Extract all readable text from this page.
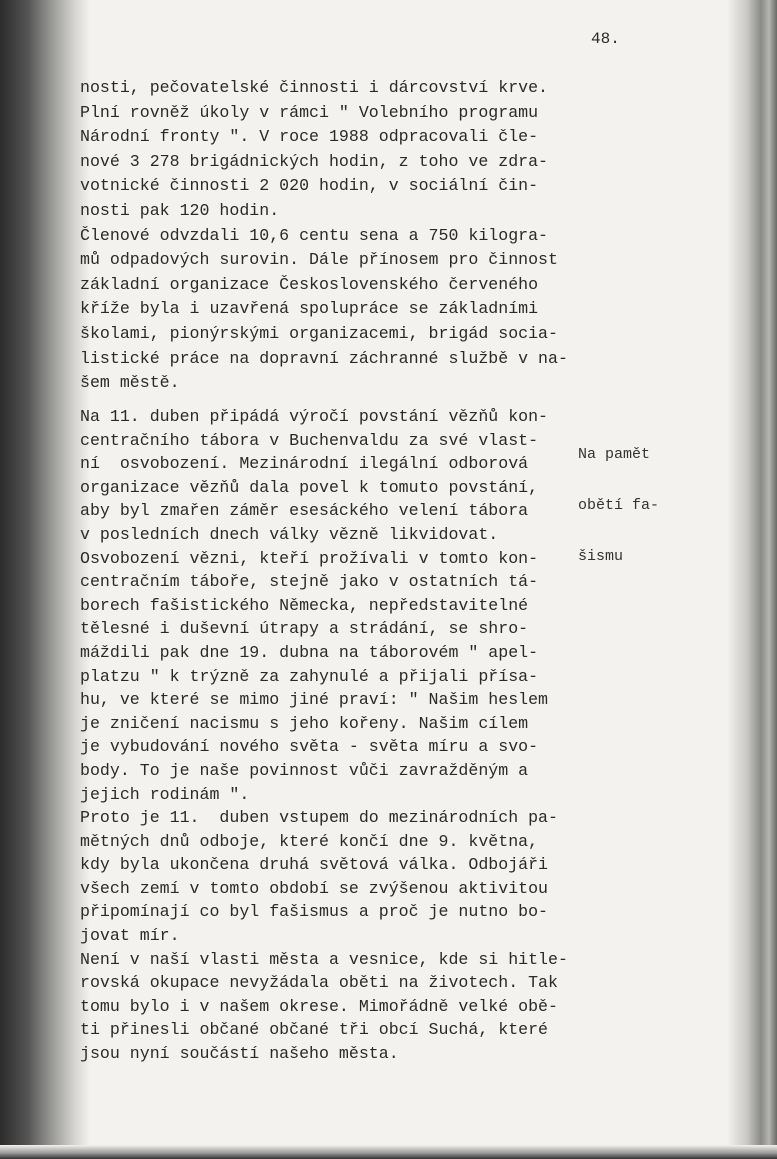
48.
nosti, pečovatelské činnosti i dárcovství krve.
Plní rovněž úkoly v rámci " Volebního programu
Národní fronty ". V roce 1988 odpracovali čle-
nové 3 278 brigádnických hodin, z toho ve zdra-
votnické činnosti 2 020 hodin, v sociální čin-
nosti pak 120 hodin.
Členové odvzdali 10,6 centu sena a 750 kilogra-
mů odpadových surovin. Dále přínosem pro činnost
základní organizace Československého červeného
kříže byla i uzavřená spolupráce se základními
školami, pionýrskými organizacemi, brigád socia-
listické práce na dopravní záchranné službě v na-
šem městě.
Na 11. duben připádá výročí povstání vězňů kon-
centračního tábora v Buchenvaldu za své vlast-
ní  osvobození. Mezinárodní ilegální odborová
organizace vězňů dala povel k tomuto povstání,
aby byl zmařen záměr esesáckého velení tábora
v posledních dnech války vězně likvidovat.
Osvobození vězni, kteří prožívali v tomto kon-
centračním táboře, stejně jako v ostatních tá-
borech fašistického Německa, nepředstavitelné
tělesné i duševní útrapy a strádání, se shro-
máždili pak dne 19. dubna na táborovém " apel-
platzu " k trýzně za zahynulé a přijali přísa-
hu, ve které se mimo jiné praví: " Našim heslem
je zničení nacismu s jeho kořeny. Našim cílem
je vybudování nového světa - světa míru a svo-
body. To je naše povinnost vůči zavražděným a
jejich rodinám ".
Proto je 11.  duben vstupem do mezinárodních pa-
mětných dnů odboje, které končí dne 9. května,
kdy byla ukončena druhá světová válka. Odbojáři
všech zemí v tomto období se zvýšenou aktivitou
připomínají co byl fašismus a proč je nutno bo-
jovat mír.
Není v naší vlasti města a vesnice, kde si hitle-
rovská okupace nevyžádala oběti na životech. Tak
tomu bylo i v našem okrese. Mimořádně velké obě-
ti přinesli občané občané tři obcí Suchá, které
jsou nyní součástí našeho města.

Na pamět

obětí fa-

šismu
